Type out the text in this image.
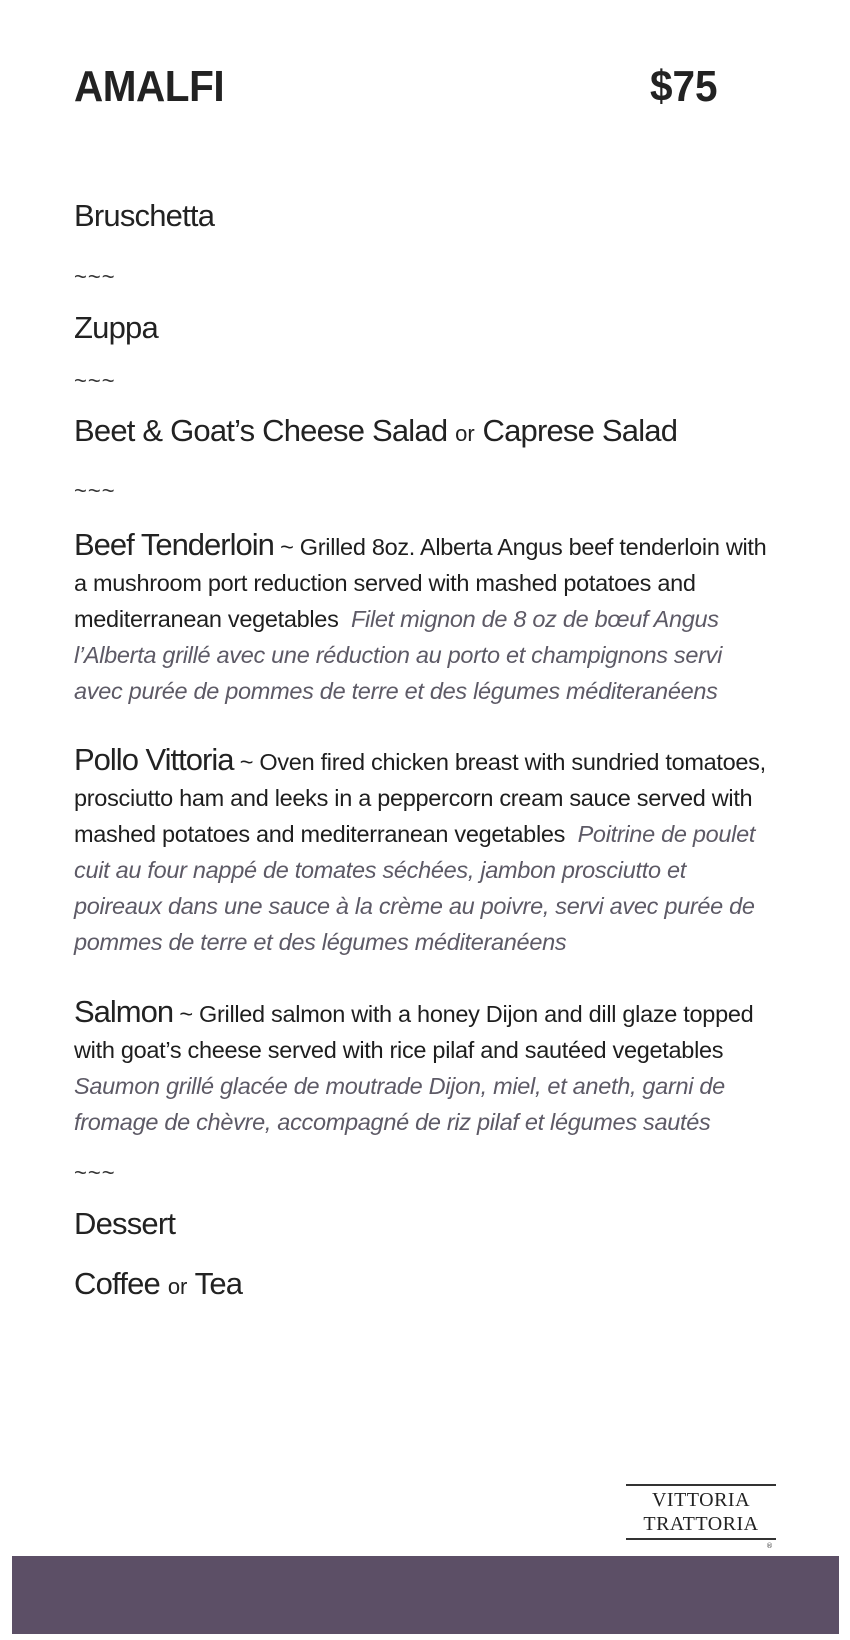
AMALFI	$75
Bruschetta
~~~
Zuppa
~~~
Beet & Goat’s Cheese Salad or Caprese Salad
~~~
Beef Tenderloin ~ Grilled 8oz. Alberta Angus beef tenderloin with a mushroom port reduction served with mashed potatoes and mediterranean vegetables Filet mignon de 8 oz de bœuf Angus l’Alberta grillé avec une réduction au porto et champignons servi avec purée de pommes de terre et des légumes méditeranéens
Pollo Vittoria ~ Oven fired chicken breast with sundried tomatoes, prosciutto ham and leeks in a peppercorn cream sauce served with mashed potatoes and mediterranean vegetables Poitrine de poulet cuit au four nappé de tomates séchées, jambon prosciutto et poireaux dans une sauce à la crème au poivre, servi avec purée de pommes de terre et des légumes méditeranéens
Salmon ~ Grilled salmon with a honey Dijon and dill glaze topped with goat’s cheese served with rice pilaf and sautéed vegetables  Saumon grillé glacée de moutrade Dijon, miel, et aneth, garni de fromage de chèvre, accompagné de riz pilaf et légumes sautés
~~~
Dessert
Coffee or Tea
VITTORIA
TRATTORIA
®
